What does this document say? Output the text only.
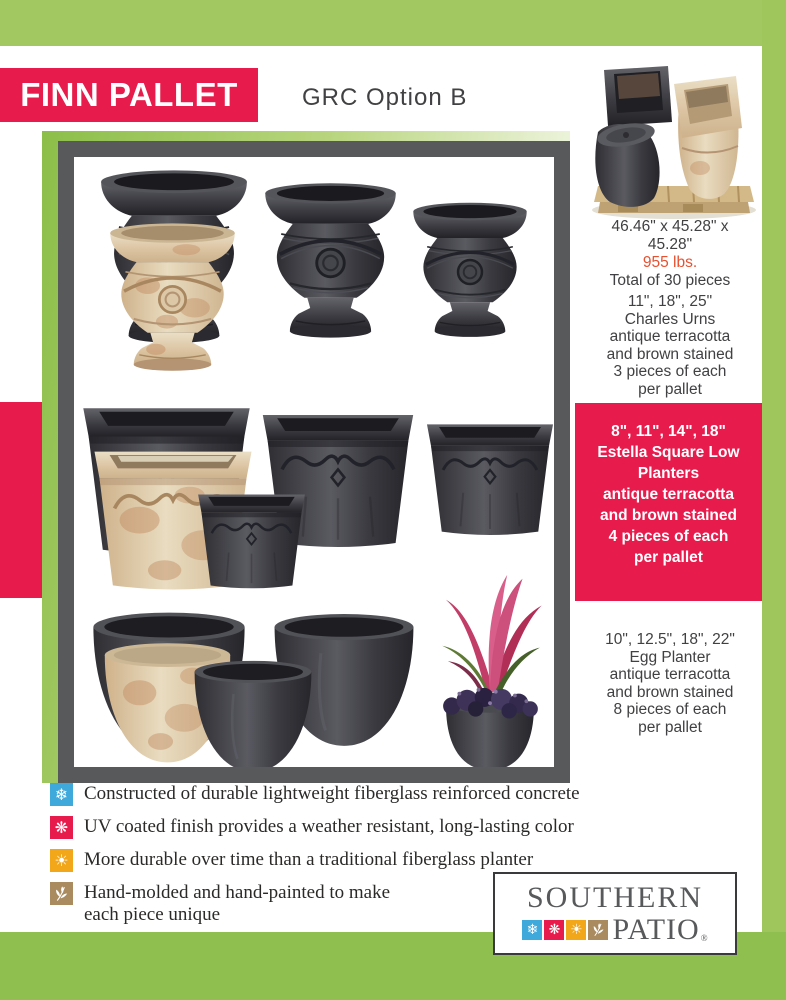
FINN PALLET	GRC Option B
46.46" x 45.28" x
45.28"
955 lbs.
Total of 30 pieces
11", 18", 25"
Charles Urns
antique terracotta
and brown stained
3 pieces of each
per pallet
8", 11", 14", 18"
Estella Square Low
Planters
antique terracotta
and brown stained
4 pieces of each
per pallet
10", 12.5", 18", 22"
Egg Planter
antique terracotta
and brown stained
8 pieces of each
per pallet
❄ Constructed of durable lightweight fiberglass reinforced concrete
❋ UV coated finish provides a weather resistant, long-lasting color
☀ More durable over time than a traditional fiberglass planter
Hand-molded and hand-painted to make each piece unique
SOUTHERN
❄ ❋ ☀ PATIO ®
